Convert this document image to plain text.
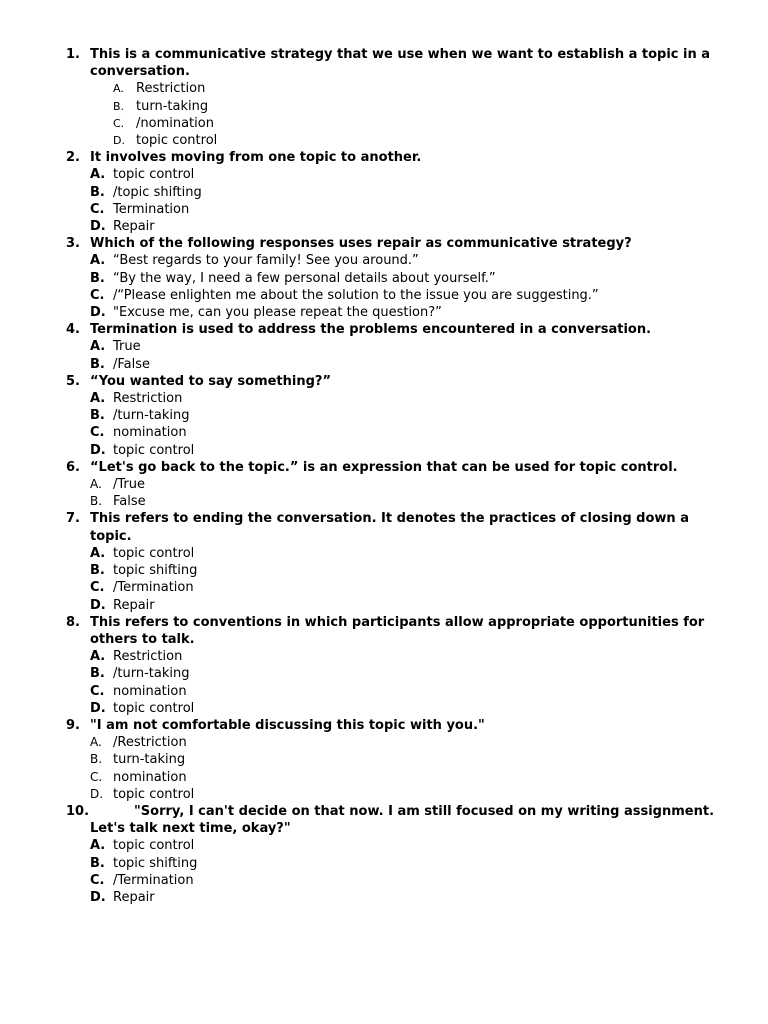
1. This is a communicative strategy that we use when we want to establish a topic in a conversation.
A. Restriction
B. turn-taking
C. /nomination
D. topic control
2. It involves moving from one topic to another.
A. topic control
B. /topic shifting
C. Termination
D. Repair
3. Which of the following responses uses repair as communicative strategy?
A. “Best regards to your family! See you around.”
B. “By the way, I need a few personal details about yourself.”
C. /“Please enlighten me about the solution to the issue you are suggesting.”
D. "Excuse me, can you please repeat the question?”
4. Termination is used to address the problems encountered in a conversation.
A. True
B. /False
5. “You wanted to say something?”
A. Restriction
B. /turn-taking
C. nomination
D. topic control
6. “Let's go back to the topic.” is an expression that can be used for topic control.
A. /True
B. False
7. This refers to ending the conversation. It denotes the practices of closing down a topic.
A. topic control
B. topic shifting
C. /Termination
D. Repair
8. This refers to conventions in which participants allow appropriate opportunities for others to talk.
A. Restriction
B. /turn-taking
C. nomination
D. topic control
9. "I am not comfortable discussing this topic with you."
A. /Restriction
B. turn-taking
C. nomination
D. topic control
10.	"Sorry, I can't decide on that now. I am still focused on my writing assignment. Let's talk next time, okay?"
A. topic control
B. topic shifting
C. /Termination
D. Repair
